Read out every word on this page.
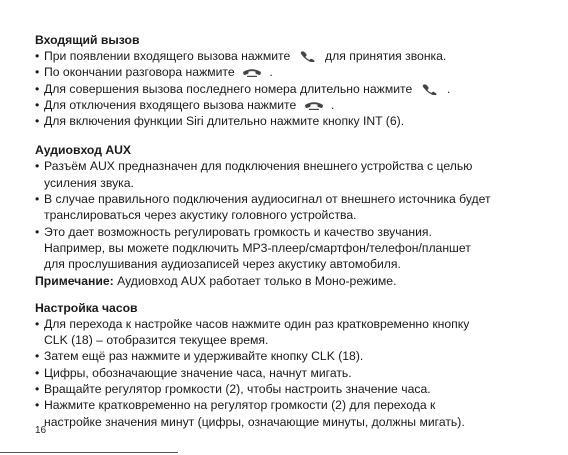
Входящий вызов
• При появлении входящего вызова нажмите	для принятия звонка.
• По окончании разговора нажмите	.
• Для совершения вызова последнего номера длительно нажмите	.
• Для отключения входящего вызова нажмите	.
• Для включения функции Siri длительно нажмите кнопку INT (6).
Аудиовход AUX
• Разъём AUX предназначен для подключения внешнего устройства с целью
усиления звука.
• В случае правильного подключения аудиосигнал от внешнего источника будет
транслироваться через акустику головного устройства.
• Это дает возможность регулировать громкость и качество звучания.
Например, вы можете подключить MP3-плеер/смартфон/телефон/планшет
для прослушивания аудиозаписей через акустику автомобиля.
Примечание: Аудиовход AUX работает только в Моно-режиме.
Настройка часов
• Для перехода к настройке часов нажмите один раз кратковременно кнопку
CLK (18) – отобразится текущее время.
• Затем ещё раз нажмите и удерживайте кнопку CLK (18).
• Цифры, обозначающие значение часа, начнут мигать.
• Вращайте регулятор громкости (2), чтобы настроить значение часа.
• Нажмите кратковременно на регулятор громкости (2) для перехода к
настройке значения минут (цифры, означающие минуты, должны мигать).
16
